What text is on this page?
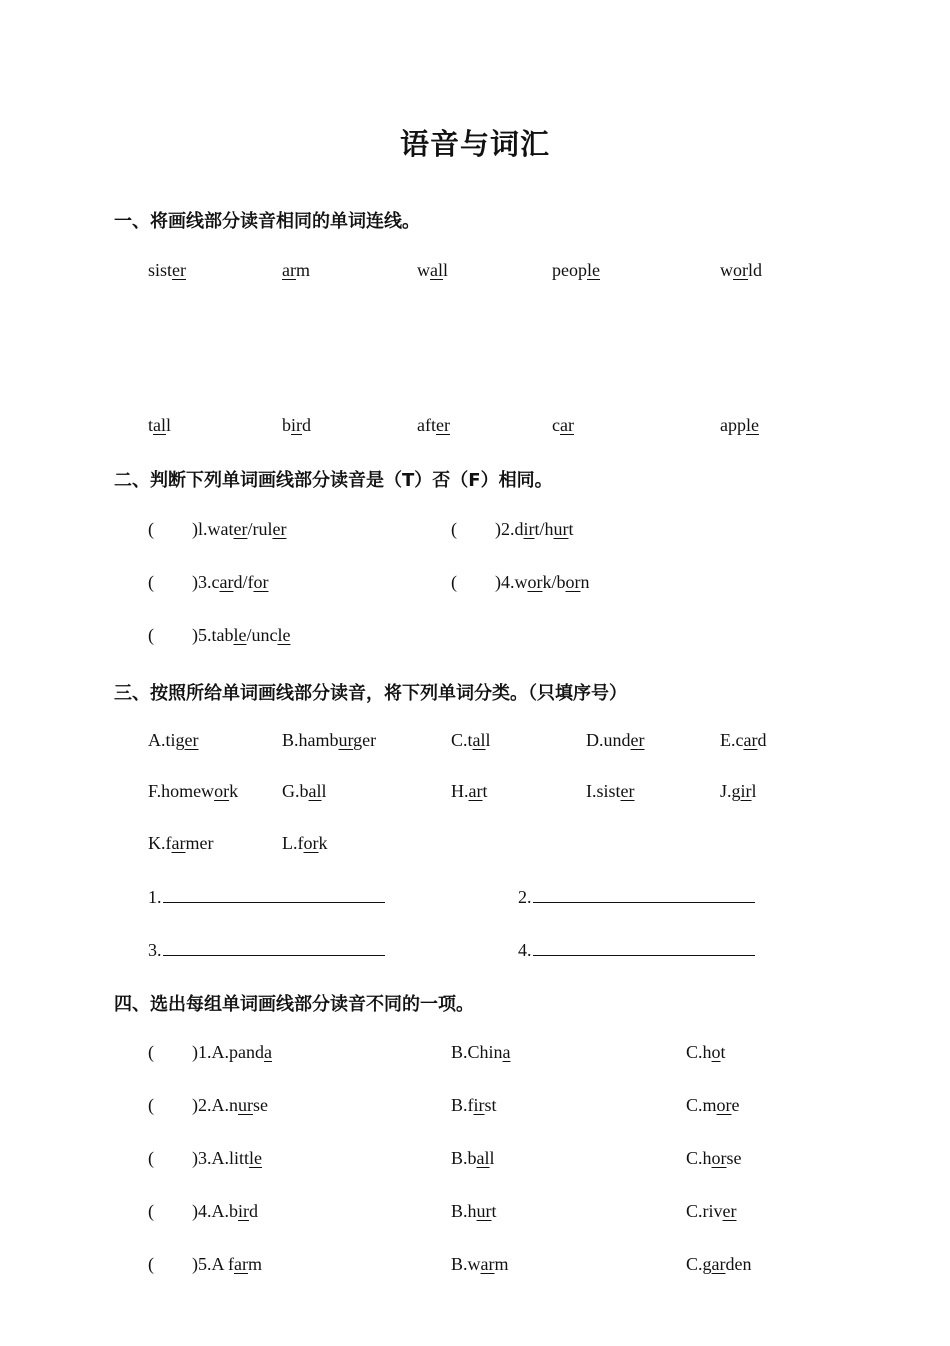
语音与词汇
一、将画线部分读音相同的单词连线。
sister	arm	wall	people	world
tall	bird	after	car	apple
二、判断下列单词画线部分读音是（T）否（F）相同。
( )l.water/ruler	( )2.dirt/hurt
( )3.card/for	( )4.work/born
( )5.table/uncle
三、按照所给单词画线部分读音，将下列单词分类。（只填序号）
A.tiger	B.hamburger	C.tall	D.under	E.card
F.homework G.ball	H.art	I.sister	J.girl
K.farmer	L.fork
1.	2.
3.	4.
四、选出每组单词画线部分读音不同的一项。
( )1.A.panda	B.China	C.hot
( )2.A.nurse	B.first	C.more
( )3.A.little	B.ball	C.horse
( )4.A.bird	B.hurt	C.river
( )5.A farm	B.warm	C.garden
